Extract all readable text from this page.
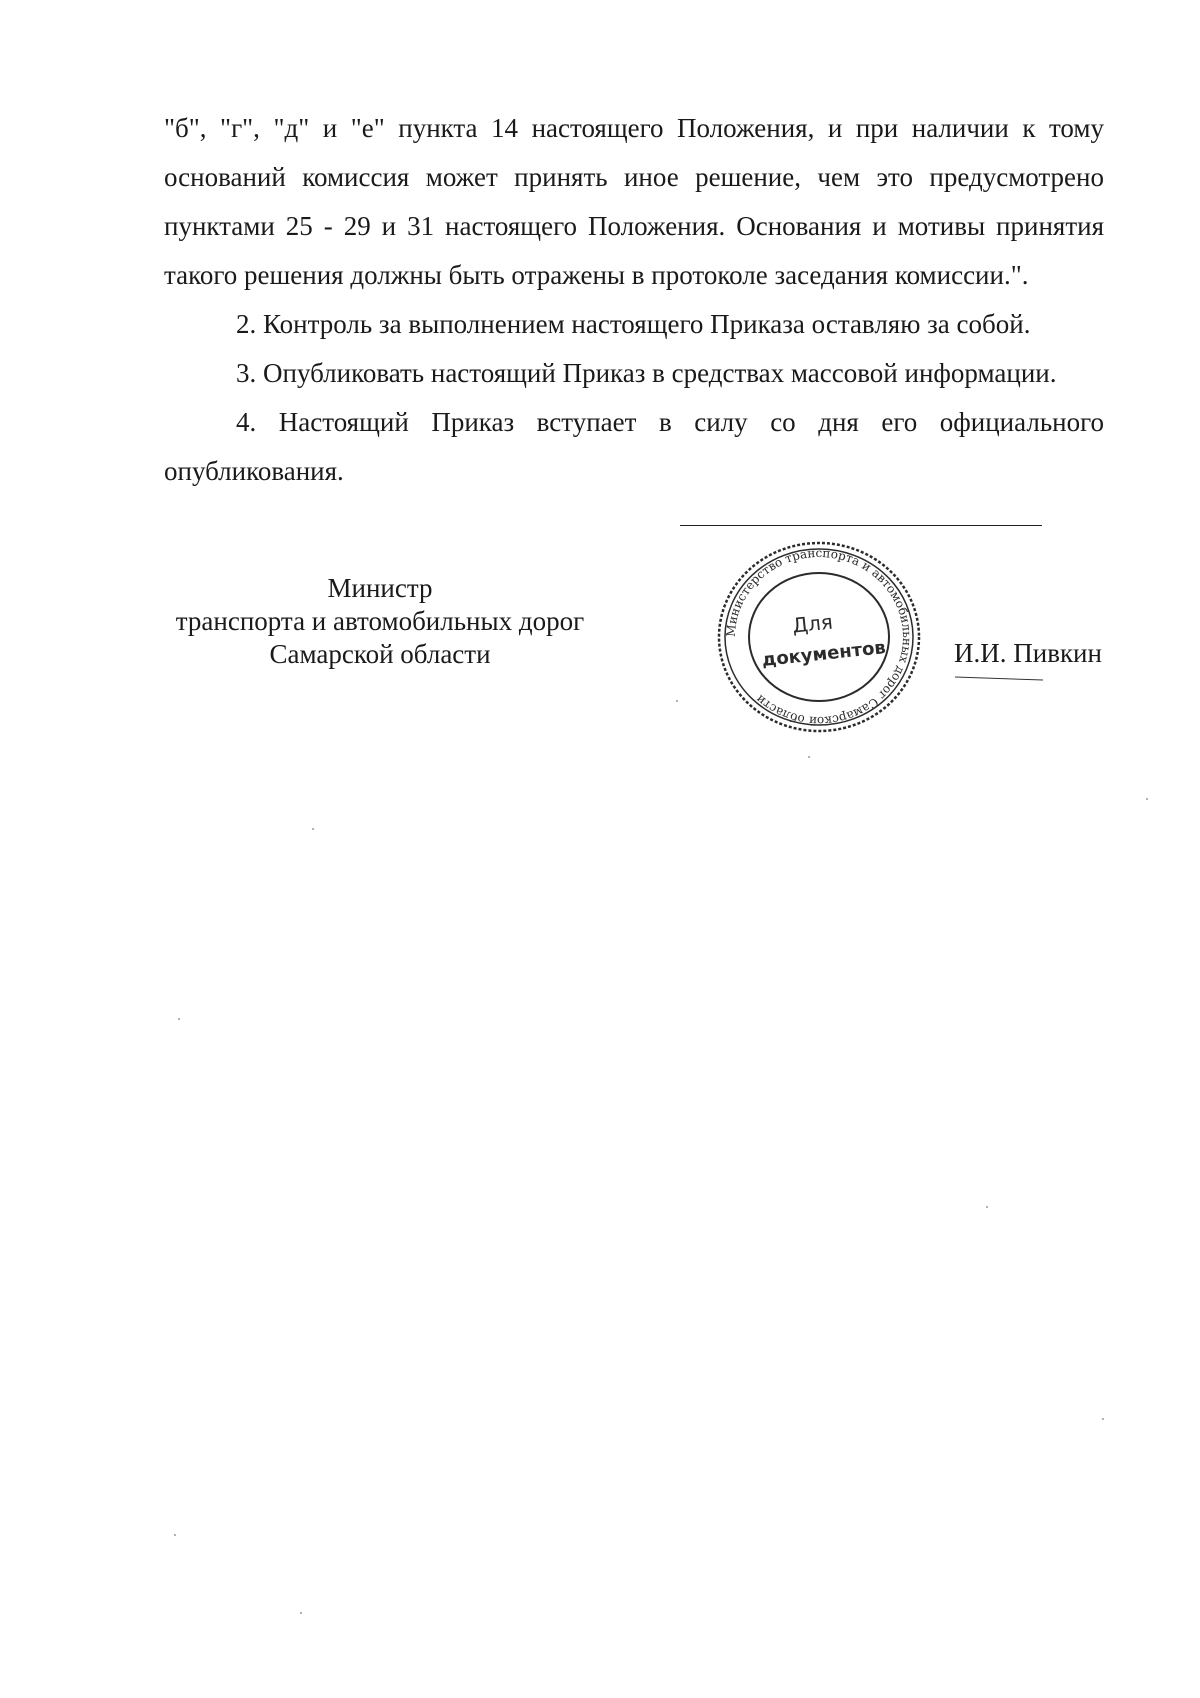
"б", "г", "д" и "е" пункта 14 настоящего Положения, и при наличии к тому оснований комиссия может принять иное решение, чем это предусмотрено пунктами 25 - 29 и 31 настоящего Положения. Основания и мотивы принятия такого решения должны быть отражены в протоколе заседания комиссии.".

2. Контроль за выполнением настоящего Приказа оставляю за собой.

3. Опубликовать настоящий Приказ в средствах массовой информации.

4. Настоящий Приказ вступает в силу со дня его официального опубликования.

Министр
транспорта и автомобильных дорог
Самарской области
Министерство транспорта и автомобильных дорог Самарской области
Для
документов И.И. Пивкин
